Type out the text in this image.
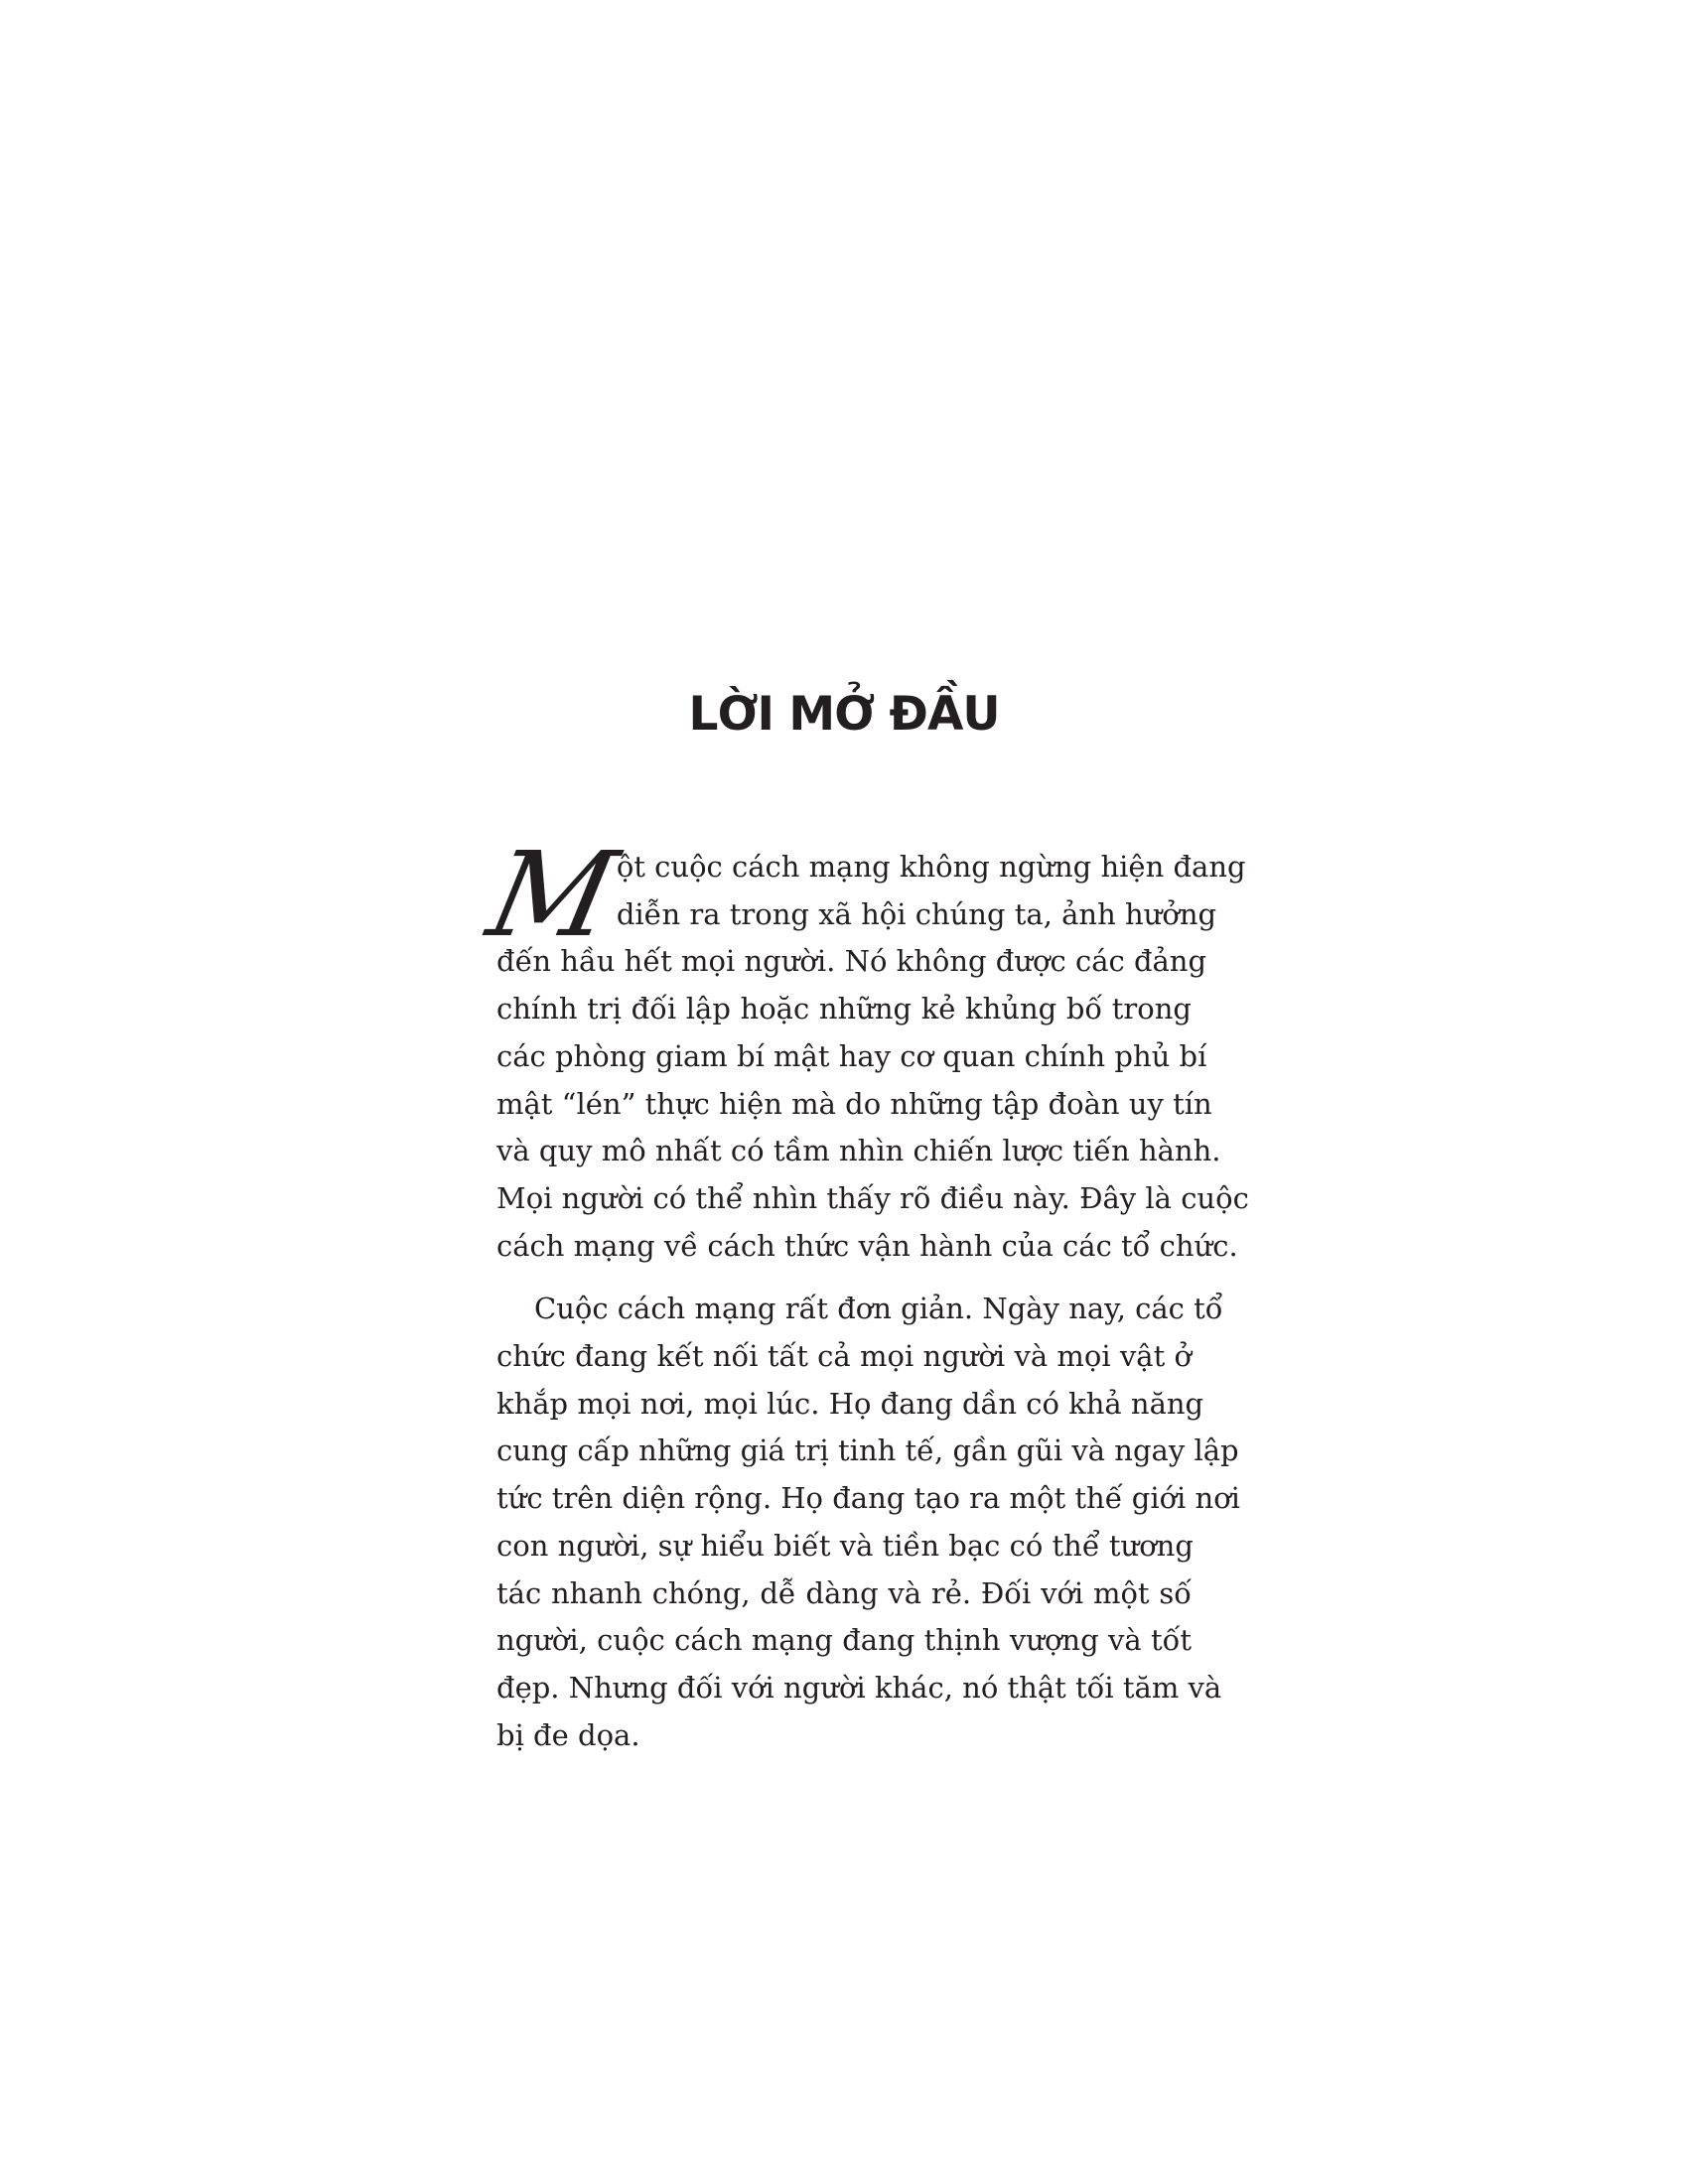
LỜI MỞ ĐẦU
M
ột cuộc cách mạng không ngừng hiện đang
diễn ra trong xã hội chúng ta, ảnh hưởng
đến hầu hết mọi người. Nó không được các đảng
chính trị đối lập hoặc những kẻ khủng bố trong
các phòng giam bí mật hay cơ quan chính phủ bí
mật “lén” thực hiện mà do những tập đoàn uy tín
và quy mô nhất có tầm nhìn chiến lược tiến hành.
Mọi người có thể nhìn thấy rõ điều này. Đây là cuộc
cách mạng về cách thức vận hành của các tổ chức.
Cuộc cách mạng rất đơn giản. Ngày nay, các tổ
chức đang kết nối tất cả mọi người và mọi vật ở
khắp mọi nơi, mọi lúc. Họ đang dần có khả năng
cung cấp những giá trị tinh tế, gần gũi và ngay lập
tức trên diện rộng. Họ đang tạo ra một thế giới nơi
con người, sự hiểu biết và tiền bạc có thể tương
tác nhanh chóng, dễ dàng và rẻ. Đối với một số
người, cuộc cách mạng đang thịnh vượng và tốt
đẹp. Nhưng đối với người khác, nó thật tối tăm và
bị đe dọa.
